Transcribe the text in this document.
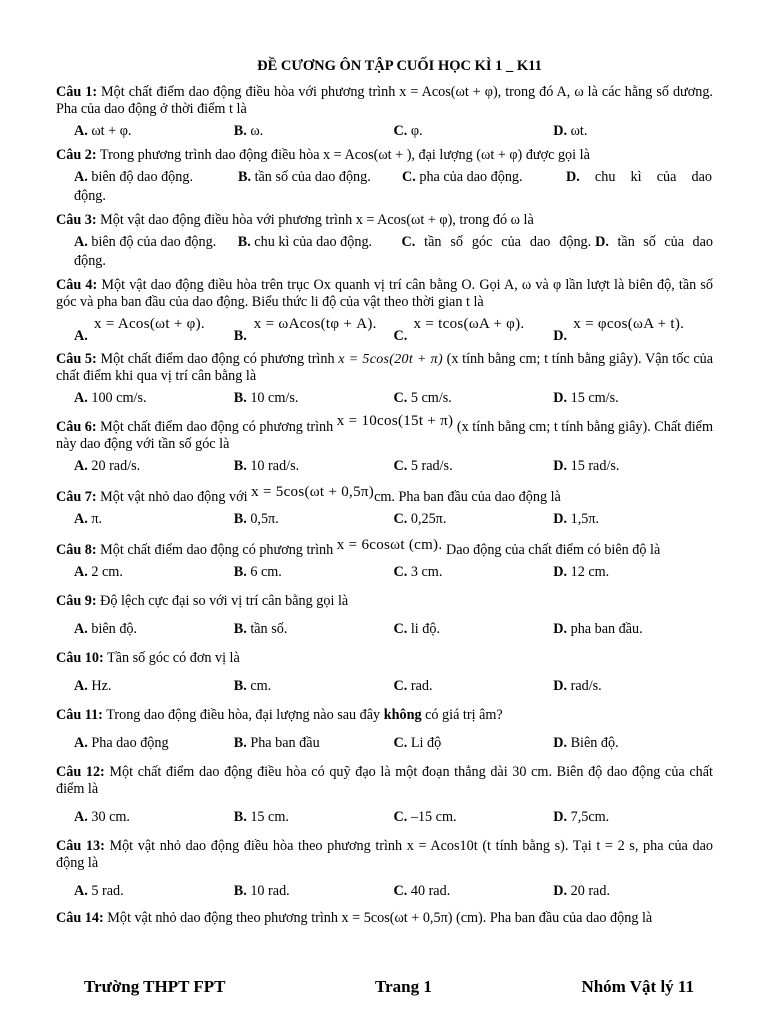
ĐỀ CƯƠNG ÔN TẬP CUỐI HỌC KÌ 1 _ K11
Câu 1: Một chất điểm dao động điều hòa với phương trình x = Acos(ωt + φ), trong đó A, ω là các hằng số dương. Pha của dao động ở thời điểm t là
A. ωt + φ.	B. ω.	C. φ.	D. ωt.
Câu 2: Trong phương trình dao động điều hòa x = Acos(ωt + ), đại lượng (ωt + φ) được gọi là
A. biên độ dao động.	B. tần số của dao động.	C. pha của dao động.	D. chu kì của dao
động.
Câu 3: Một vật dao động điều hòa với phương trình x = Acos(ωt + φ), trong đó ω là
A. biên độ của dao động.	B. chu kì của dao động.	C. tần số góc của dao động. D. tần số của dao
động.
Câu 4: Một vật dao động điều hòa trên trục Ox quanh vị trí cân bằng O. Gọi A, ω và φ lần lượt là biên độ, tần số góc và pha ban đầu của dao động. Biểu thức li độ của vật theo thời gian t là
A.
x = Acos(ωt + φ).
B.
x = ωAcos(tφ + A).
C.
x = tcos(ωA + φ).
D.
x = φcos(ωA + t).
Câu 5: Một chất điểm dao động có phương trình x = 5cos(20t + π) (x tính bằng cm; t tính bằng giây). Vận tốc của chất điểm khi qua vị trí cân bằng là
A. 100 cm/s.	B. 10 cm/s.	C. 5 cm/s.	D. 15 cm/s.
Câu 6: Một chất điểm dao động có phương trình x = 10cos(15t + π) (x tính bằng cm; t tính bằng giây). Chất điểm này dao động với tần số góc là
A. 20 rad/s.	B. 10 rad/s.	C. 5 rad/s.	D. 15 rad/s.
Câu 7: Một vật nhỏ dao động với x = 5cos(ωt + 0,5π)cm. Pha ban đầu của dao động là
A. π.	B. 0,5π.	C. 0,25π.	D. 1,5π.
Câu 8: Một chất điểm dao động có phương trình x = 6cosωt (cm). Dao động của chất điểm có biên độ là
A. 2 cm.	B. 6 cm.	C. 3 cm.	D. 12 cm.
Câu 9: Độ lệch cực đại so với vị trí cân bằng gọi là
A. biên độ.	B. tần số.	C. li độ.	D. pha ban đầu.
Câu 10: Tần số góc có đơn vị là
A. Hz.	B. cm.	C. rad.	D. rad/s.
Câu 11: Trong dao động điều hòa, đại lượng nào sau đây không có giá trị âm?
A. Pha dao động	B. Pha ban đầu	C. Li độ	D. Biên độ.
Câu 12: Một chất điểm dao động điều hòa có quỹ đạo là một đoạn thẳng dài 30 cm. Biên độ dao động của chất điểm là
A. 30 cm.	B. 15 cm.	C. –15 cm.	D. 7,5cm.
Câu 13: Một vật nhỏ dao động điều hòa theo phương trình x = Acos10t (t tính bằng s). Tại t = 2 s, pha của dao động là
A. 5 rad.	B. 10 rad.	C. 40 rad.	D. 20 rad.
Câu 14: Một vật nhỏ dao động theo phương trình x = 5cos(ωt + 0,5π) (cm). Pha ban đầu của dao động là
Trường THPT FPT	Trang 1	Nhóm Vật lý 11
